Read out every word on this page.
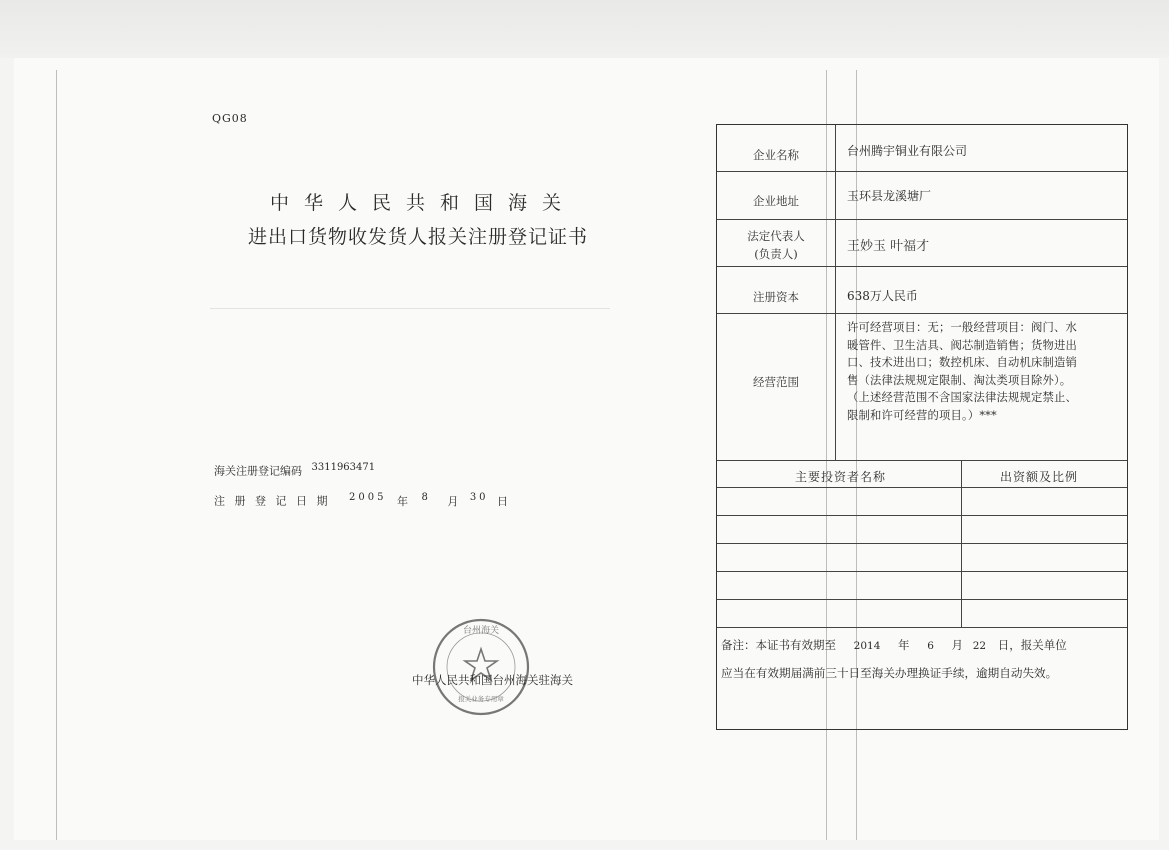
QG08
中华人民共和国海关
进出口货物收发货人报关注册登记证书
海关注册登记编码 $^{3311963471}$
注 册 登 记 日 期 $^{2005}$ 年 $^8$ 月 $^{30}$ 日
台州海关
报关业务专用章
中华人民共和国台州海关驻海关
企业名称	台州腾宇铜业有限公司
企业地址	玉环县龙溪塘厂
法定代表人
(负责人)	王妙玉 叶福才
注册资本	638万人民币
经营范围
许可经营项目：无；一般经营项目：阀门、水
暖管件、卫生洁具、阀芯制造销售；货物进出
口、技术进出口；数控机床、自动机床制造销
售（法律法规规定限制、淘汰类项目除外）。
（上述经营范围不含国家法律法规规定禁止、
限制和许可经营的项目。）***
主要投资者名称	出资额及比例
备注：本证书有效期至 2014 年 6 月 22 日，报关单位
应当在有效期届满前三十日至海关办理换证手续，逾期自动失效。
